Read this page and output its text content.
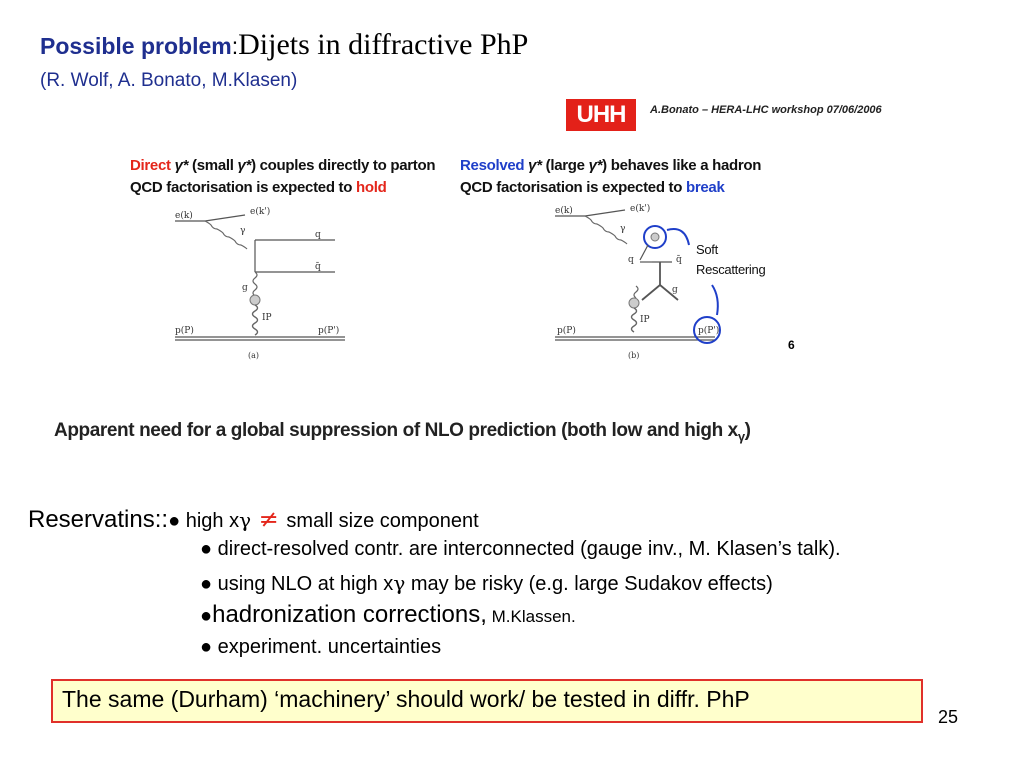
Possible problem:Dijets in diffractive PhP
(R. Wolf, A. Bonato, M.Klasen)
UHH	A.Bonato – HERA-LHC workshop 07/06/2006
Direct γ* (small γ*) couples directly to parton
QCD factorisation is expected to hold
Resolved γ* (large γ*) behaves like a hadron
QCD factorisation is expected to break
e(k)	e(k')
γ	q
q̄
g
IP
p(P)	p(P')
(a)
e(k)	e(k')
γ
q	q̄
g
IP
p(P)	p(P')
(b)
Soft
Rescattering
6
Apparent need for a global suppression of NLO prediction (both low and high $x_\gamma$)
Reservatins::● high xγ ≠ small size component
● direct-resolved contr. are interconnected (gauge inv., M. Klasen’s talk).
● using NLO at high xγ may be risky (e.g. large Sudakov effects)
●hadronization corrections, M.Klassen.
● experiment. uncertainties
The same (Durham) ‘machinery’ should work/ be tested in diffr. PhP
25
